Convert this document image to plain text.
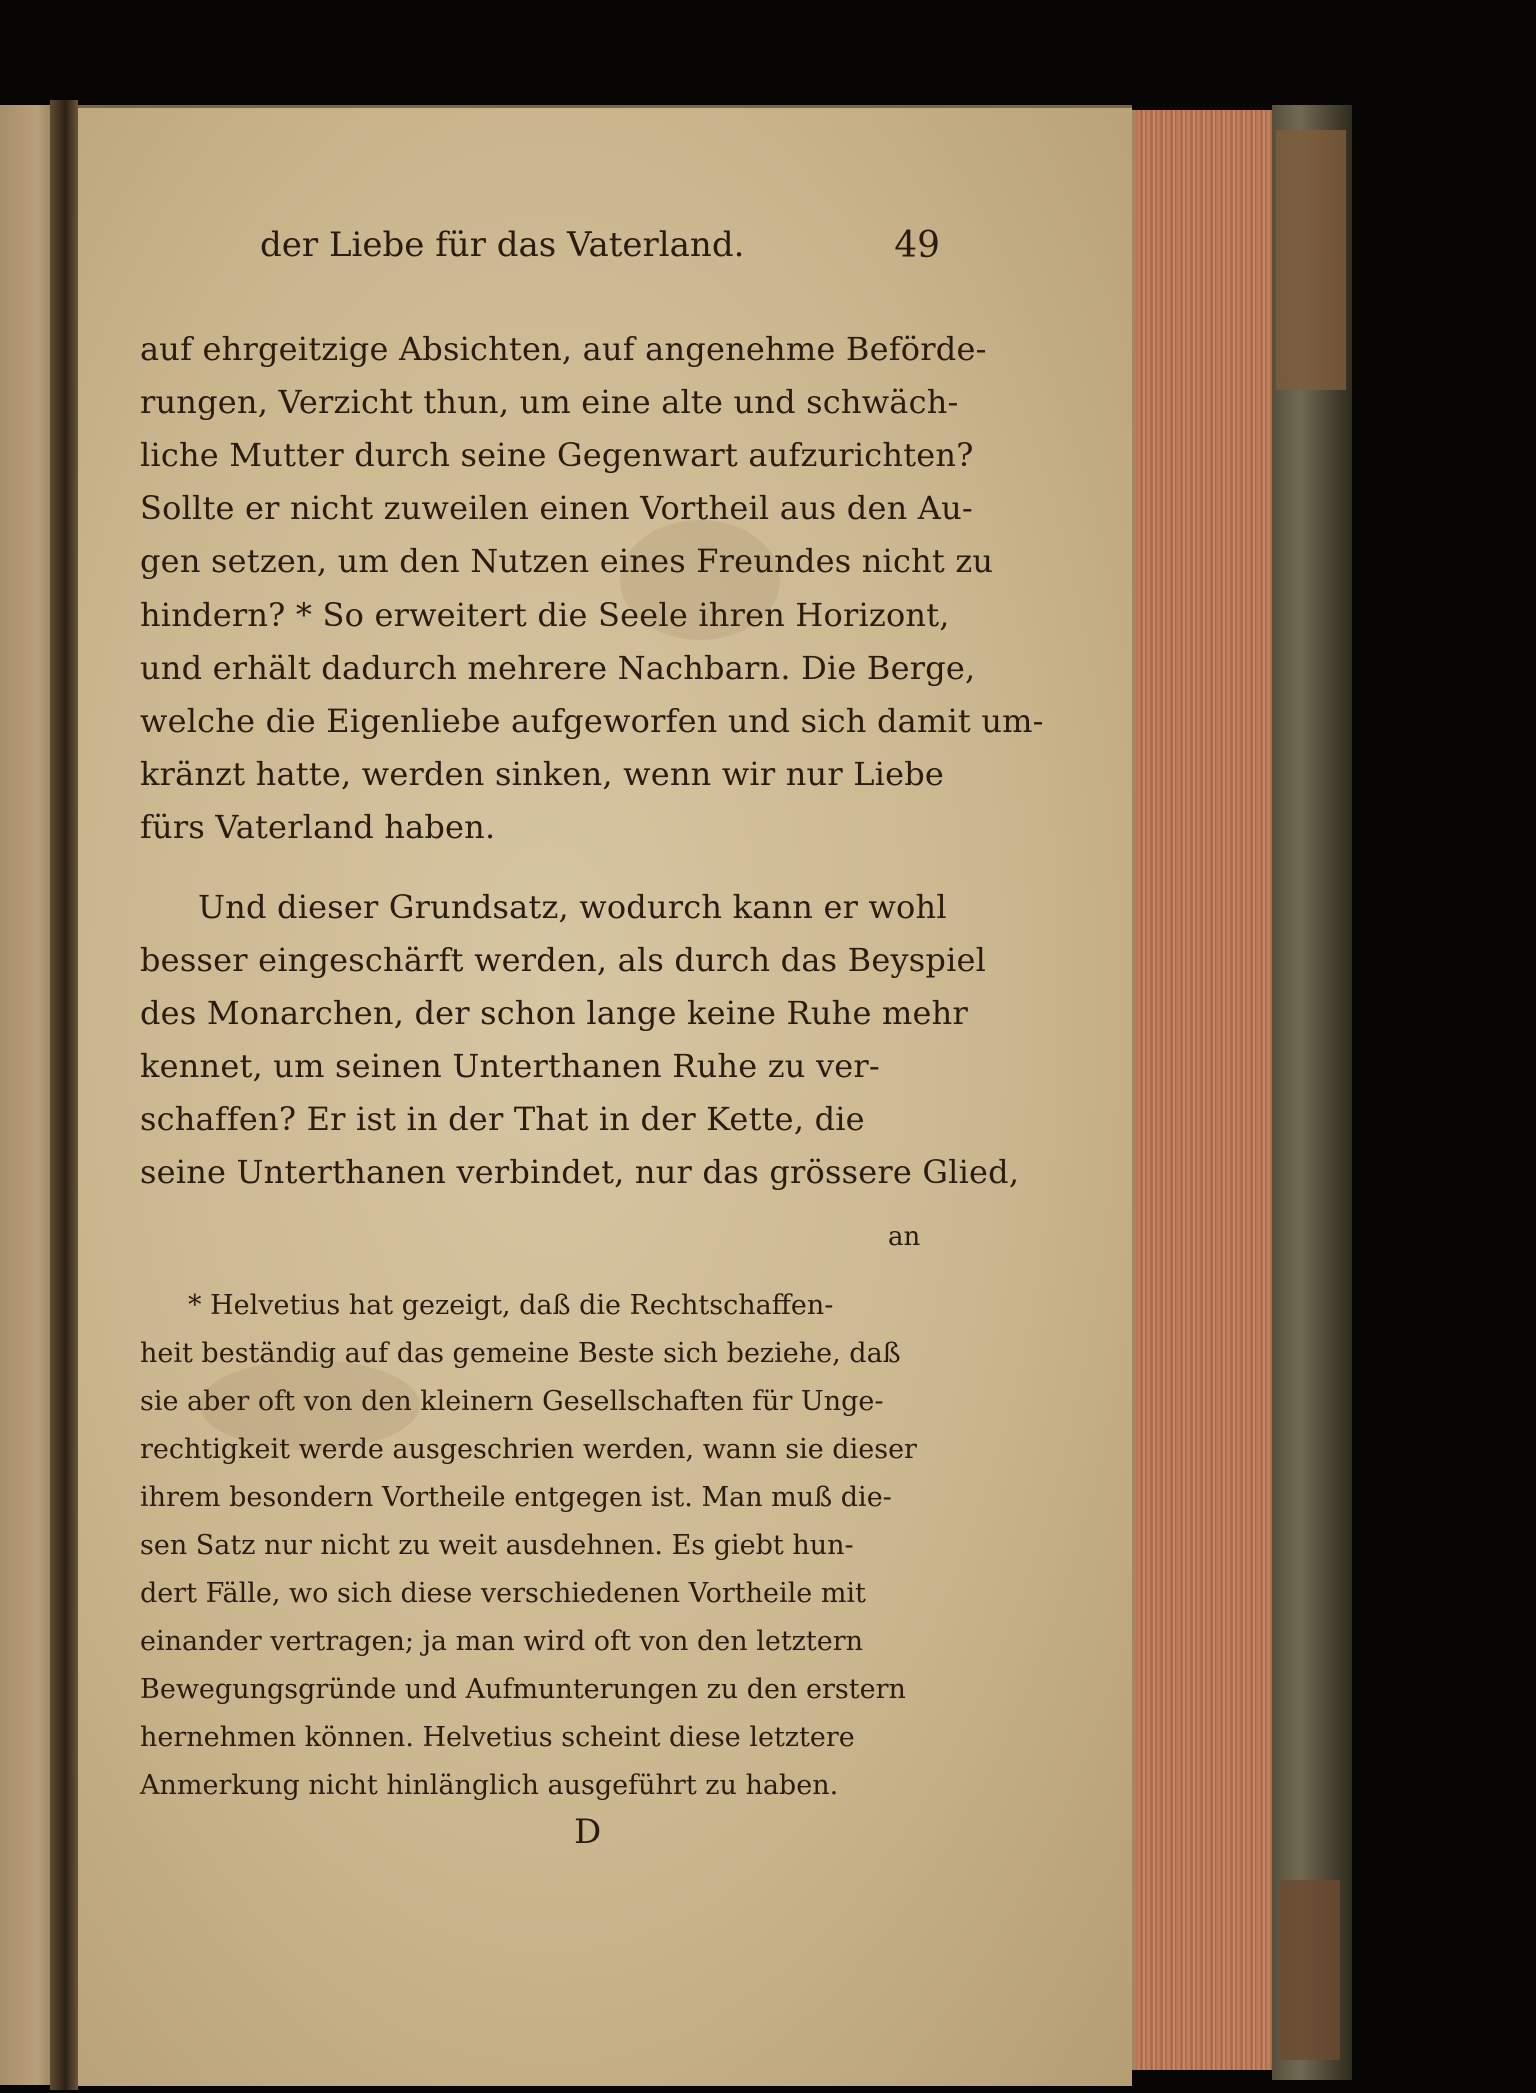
der Liebe für das Vaterland.	49
auf ehrgeitzige Absichten, auf angenehme Beförde-
rungen, Verzicht thun, um eine alte und schwäch-
liche Mutter durch seine Gegenwart aufzurichten?
Sollte er nicht zuweilen einen Vortheil aus den Au-
gen setzen, um den Nutzen eines Freundes nicht zu
hindern? * So erweitert die Seele ihren Horizont,
und erhält dadurch mehrere Nachbarn. Die Berge,
welche die Eigenliebe aufgeworfen und sich damit um-
kränzt hatte, werden sinken, wenn wir nur Liebe
fürs Vaterland haben.
Und dieser Grundsatz, wodurch kann er wohl
besser eingeschärft werden, als durch das Beyspiel
des Monarchen, der schon lange keine Ruhe mehr
kennet, um seinen Unterthanen Ruhe zu ver-
schaffen? Er ist in der That in der Kette, die
seine Unterthanen verbindet, nur das grössere Glied,
an
* Helvetius hat gezeigt, daß die Rechtschaffen-
heit beständig auf das gemeine Beste sich beziehe, daß
sie aber oft von den kleinern Gesellschaften für Unge-
rechtigkeit werde ausgeschrien werden, wann sie dieser
ihrem besondern Vortheile entgegen ist. Man muß die-
sen Satz nur nicht zu weit ausdehnen. Es giebt hun-
dert Fälle, wo sich diese verschiedenen Vortheile mit
einander vertragen; ja man wird oft von den letztern
Bewegungsgründe und Aufmunterungen zu den erstern
hernehmen können. Helvetius scheint diese letztere
Anmerkung nicht hinlänglich ausgeführt zu haben.
D
